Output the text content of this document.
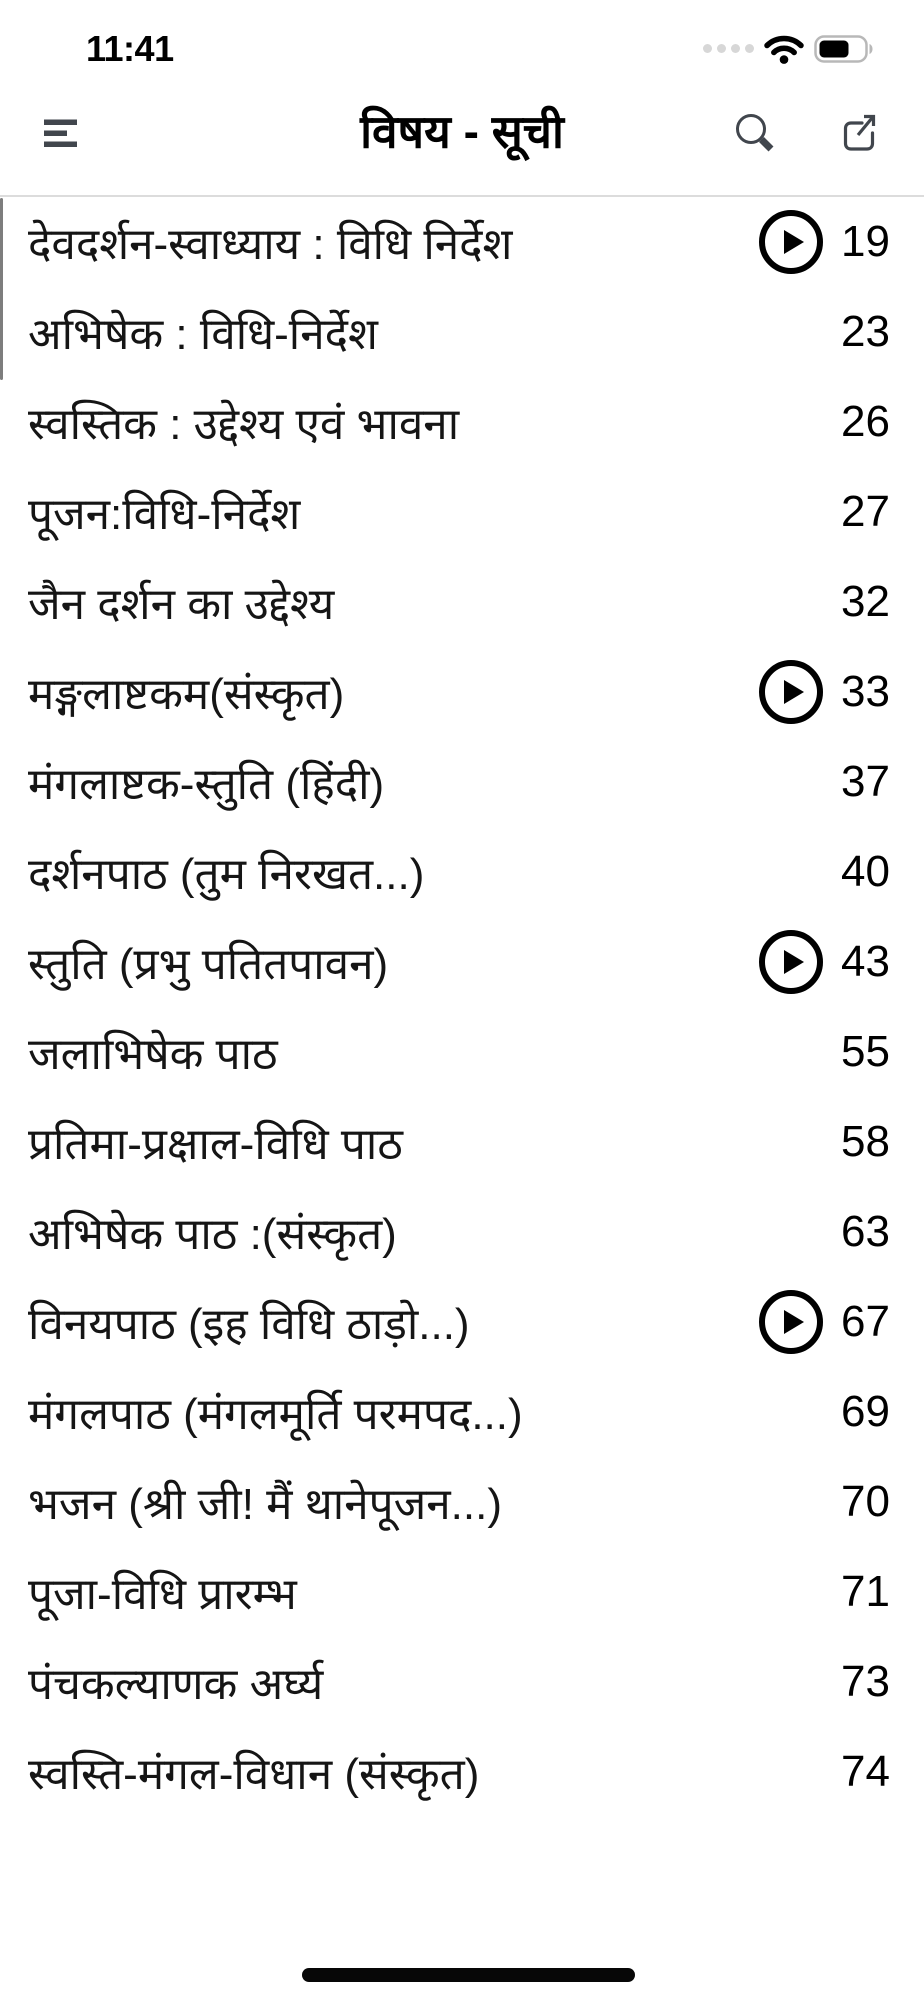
11:41
विषय - सूची
देवदर्शन-स्वाध्याय : विधि निर्देश	19
अभिषेक : विधि-निर्देश	23
स्वस्तिक : उद्देश्य एवं भावना	26
पूजन:विधि-निर्देश	27
जैन दर्शन का उद्देश्य	32
मङ्गलाष्टकम(संस्कृत)	33
मंगलाष्टक-स्तुति (हिंदी)	37
दर्शनपाठ (तुम निरखत...)	40
स्तुति (प्रभु पतितपावन)	43
जलाभिषेक पाठ	55
प्रतिमा-प्रक्षाल-विधि पाठ	58
अभिषेक पाठ :(संस्कृत)	63
विनयपाठ (इह विधि ठाड़ो...)	67
मंगलपाठ (मंगलमूर्ति परमपद...)	69
भजन (श्री जी! मैं थानेपूजन...)	70
पूजा-विधि प्रारम्भ	71
पंचकल्याणक अर्घ्य	73
स्वस्ति-मंगल-विधान (संस्कृत)	74
